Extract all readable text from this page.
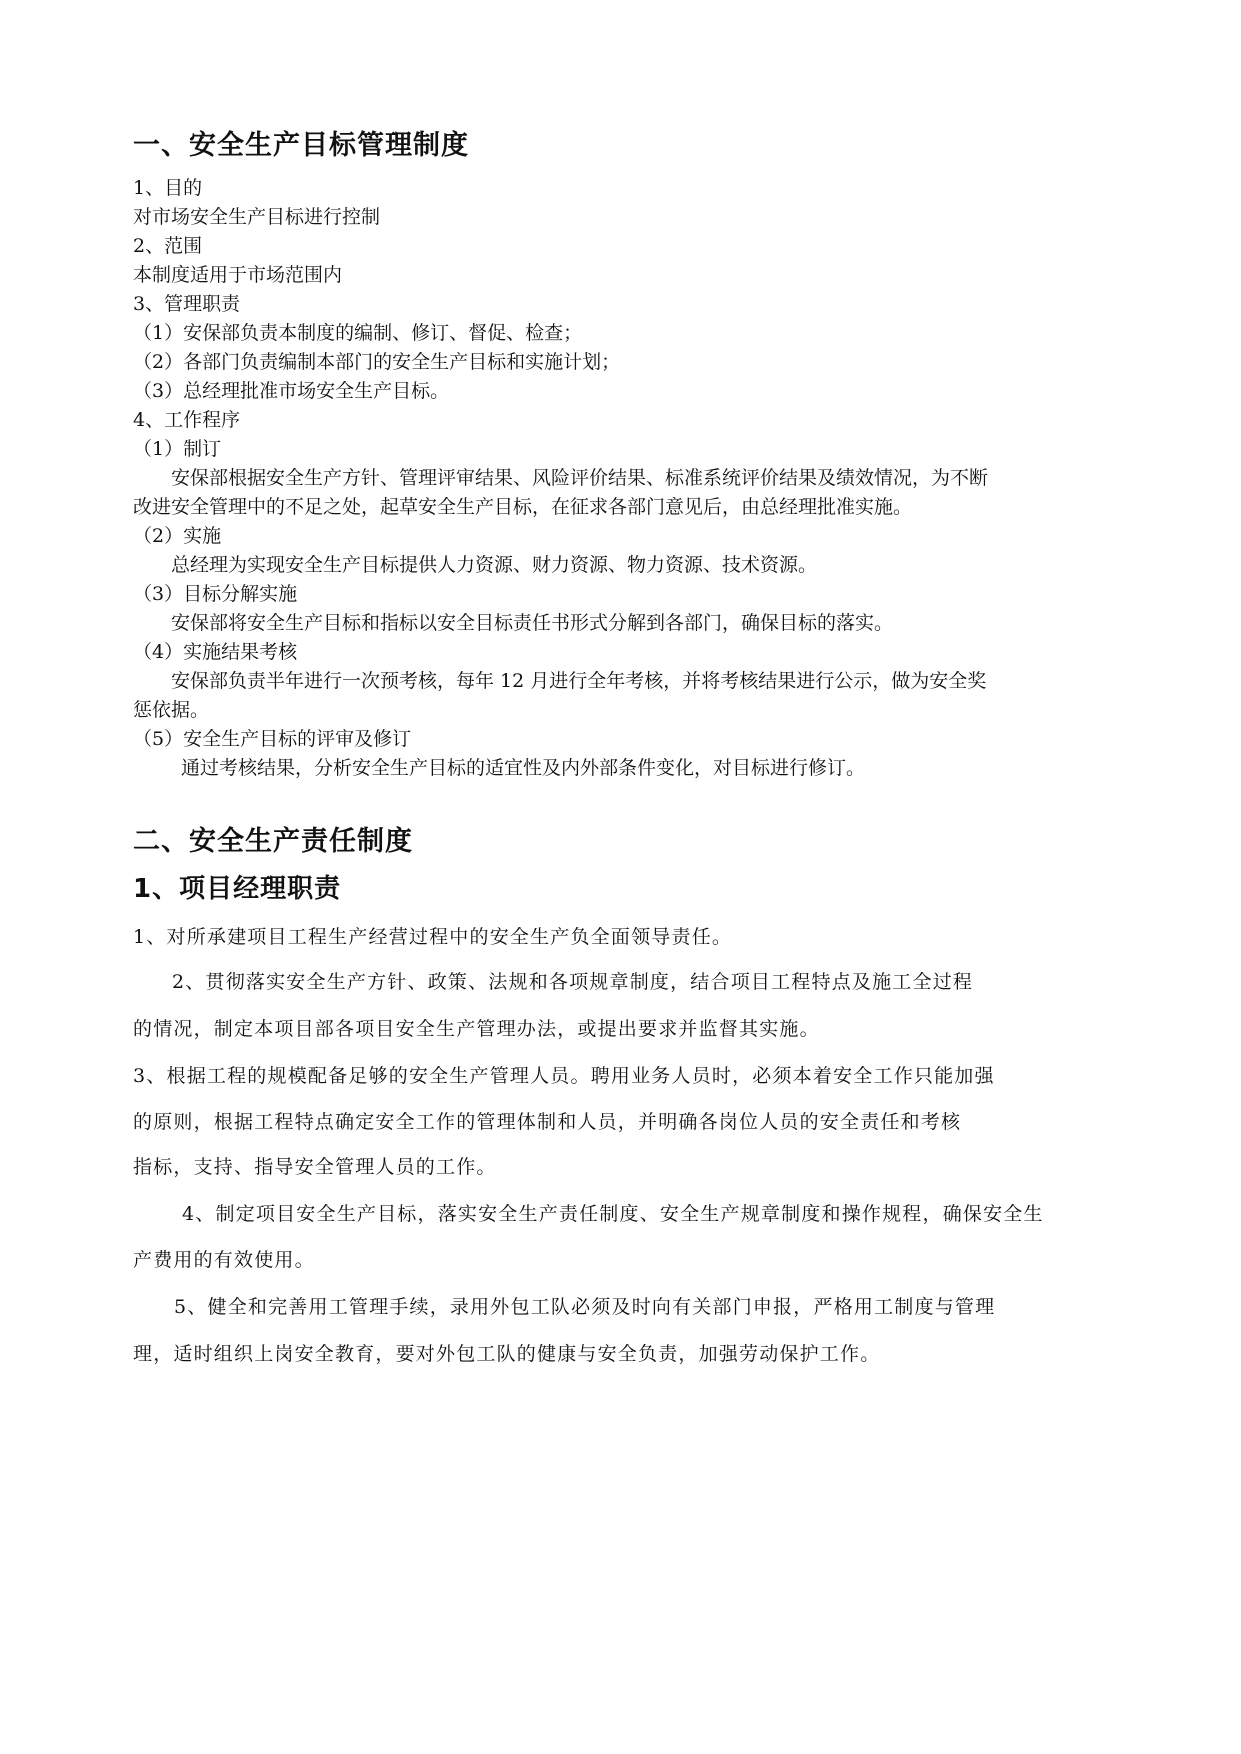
一、安全生产目标管理制度
1、目的
对市场安全生产目标进行控制
2、范围
本制度适用于市场范围内
3、管理职责
（1）安保部负责本制度的编制、修订、督促、检查；
（2）各部门负责编制本部门的安全生产目标和实施计划；
（3）总经理批准市场安全生产目标。
4、工作程序
（1）制订
安保部根据安全生产方针、管理评审结果、风险评价结果、标准系统评价结果及绩效情况，为不断
改进安全管理中的不足之处，起草安全生产目标，在征求各部门意见后，由总经理批准实施。
（2）实施
总经理为实现安全生产目标提供人力资源、财力资源、物力资源、技术资源。
（3）目标分解实施
安保部将安全生产目标和指标以安全目标责任书形式分解到各部门，确保目标的落实。
（4）实施结果考核
安保部负责半年进行一次预考核，每年 12 月进行全年考核，并将考核结果进行公示，做为安全奖
惩依据。
（5）安全生产目标的评审及修订
通过考核结果，分析安全生产目标的适宜性及内外部条件变化，对目标进行修订。
二、安全生产责任制度
1、项目经理职责
1、对所承建项目工程生产经营过程中的安全生产负全面领导责任。
2、贯彻落实安全生产方针、政策、法规和各项规章制度，结合项目工程特点及施工全过程
的情况，制定本项目部各项目安全生产管理办法，或提出要求并监督其实施。
3、根据工程的规模配备足够的安全生产管理人员。聘用业务人员时，必须本着安全工作只能加强
的原则，根据工程特点确定安全工作的管理体制和人员，并明确各岗位人员的安全责任和考核
指标，支持、指导安全管理人员的工作。
4、制定项目安全生产目标，落实安全生产责任制度、安全生产规章制度和操作规程，确保安全生
产费用的有效使用。
5、健全和完善用工管理手续，录用外包工队必须及时向有关部门申报，严格用工制度与管理
理，适时组织上岗安全教育，要对外包工队的健康与安全负责，加强劳动保护工作。
